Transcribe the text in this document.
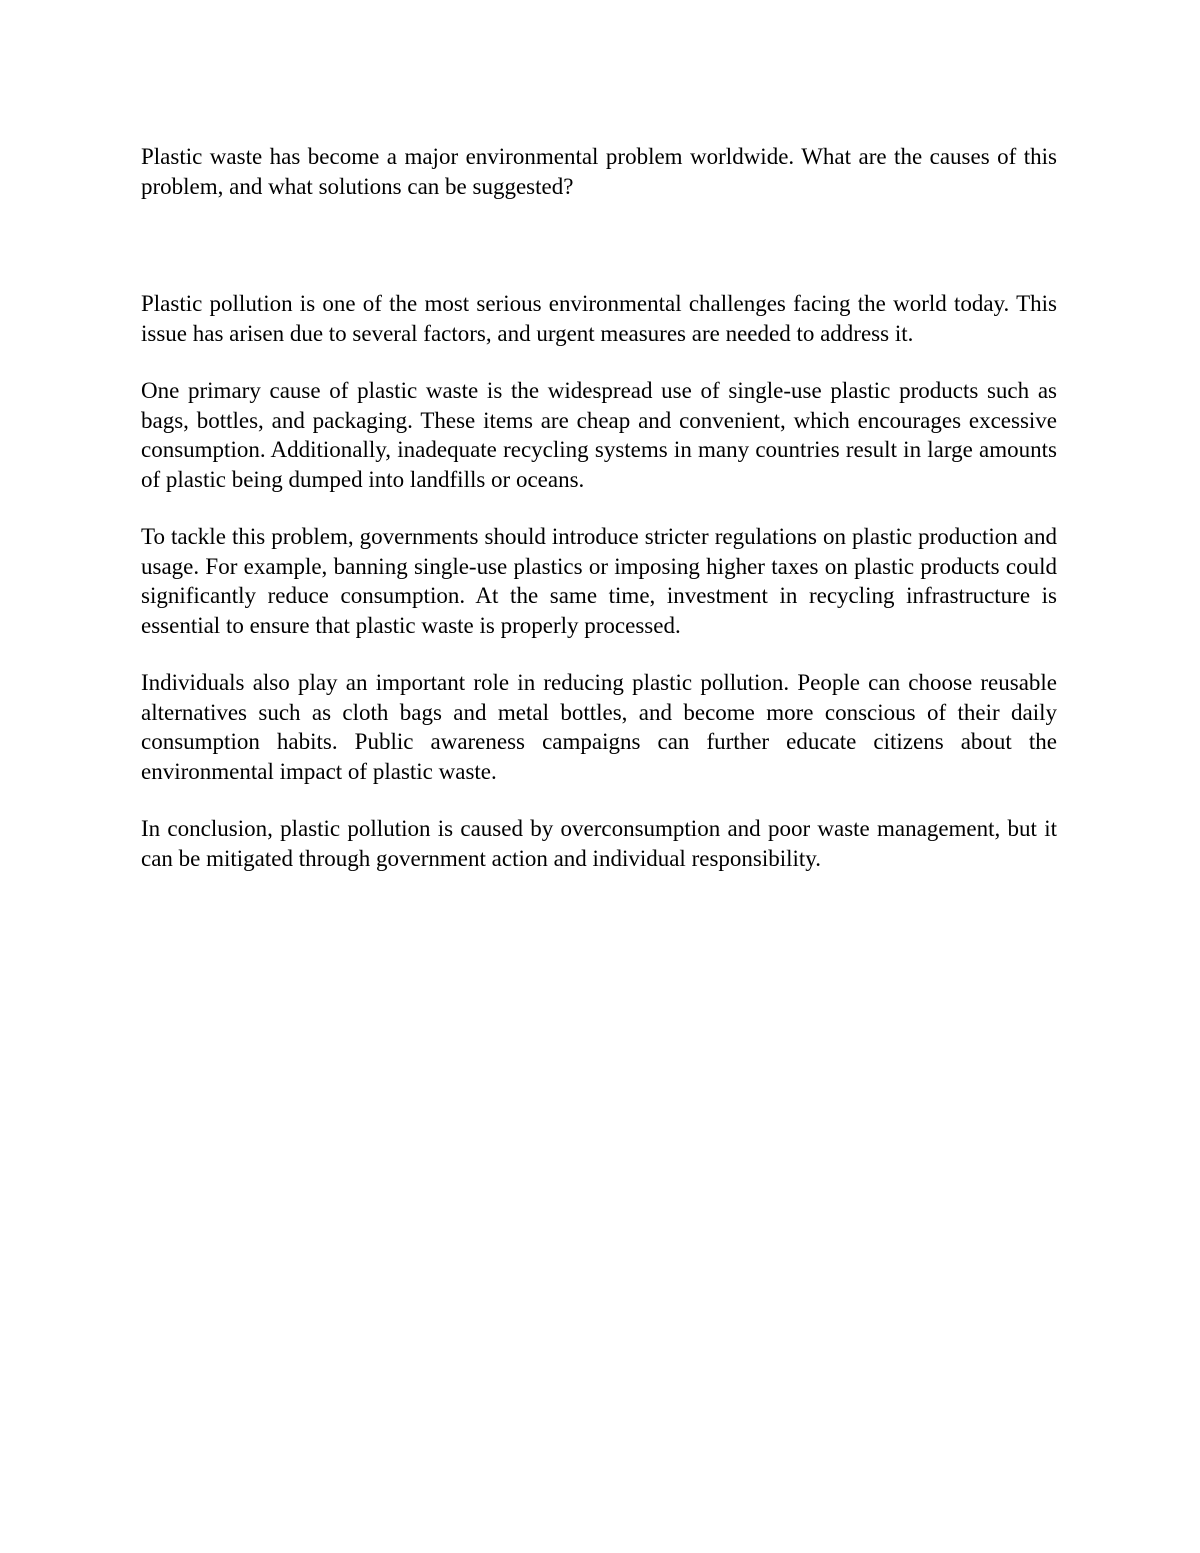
Plastic waste has become a major environmental problem worldwide. What are the causes of this problem, and what solutions can be suggested?

Plastic pollution is one of the most serious environmental challenges facing the world today. This issue has arisen due to several factors, and urgent measures are needed to address it.

One primary cause of plastic waste is the widespread use of single-use plastic products such as bags, bottles, and packaging. These items are cheap and convenient, which encourages excessive consumption. Additionally, inadequate recycling systems in many countries result in large amounts of plastic being dumped into landfills or oceans.

To tackle this problem, governments should introduce stricter regulations on plastic production and usage. For example, banning single-use plastics or imposing higher taxes on plastic products could significantly reduce consumption. At the same time, investment in recycling infrastructure is essential to ensure that plastic waste is properly processed.

Individuals also play an important role in reducing plastic pollution. People can choose reusable alternatives such as cloth bags and metal bottles, and become more conscious of their daily consumption habits. Public awareness campaigns can further educate citizens about the environmental impact of plastic waste.

In conclusion, plastic pollution is caused by overconsumption and poor waste management, but it can be mitigated through government action and individual responsibility.
